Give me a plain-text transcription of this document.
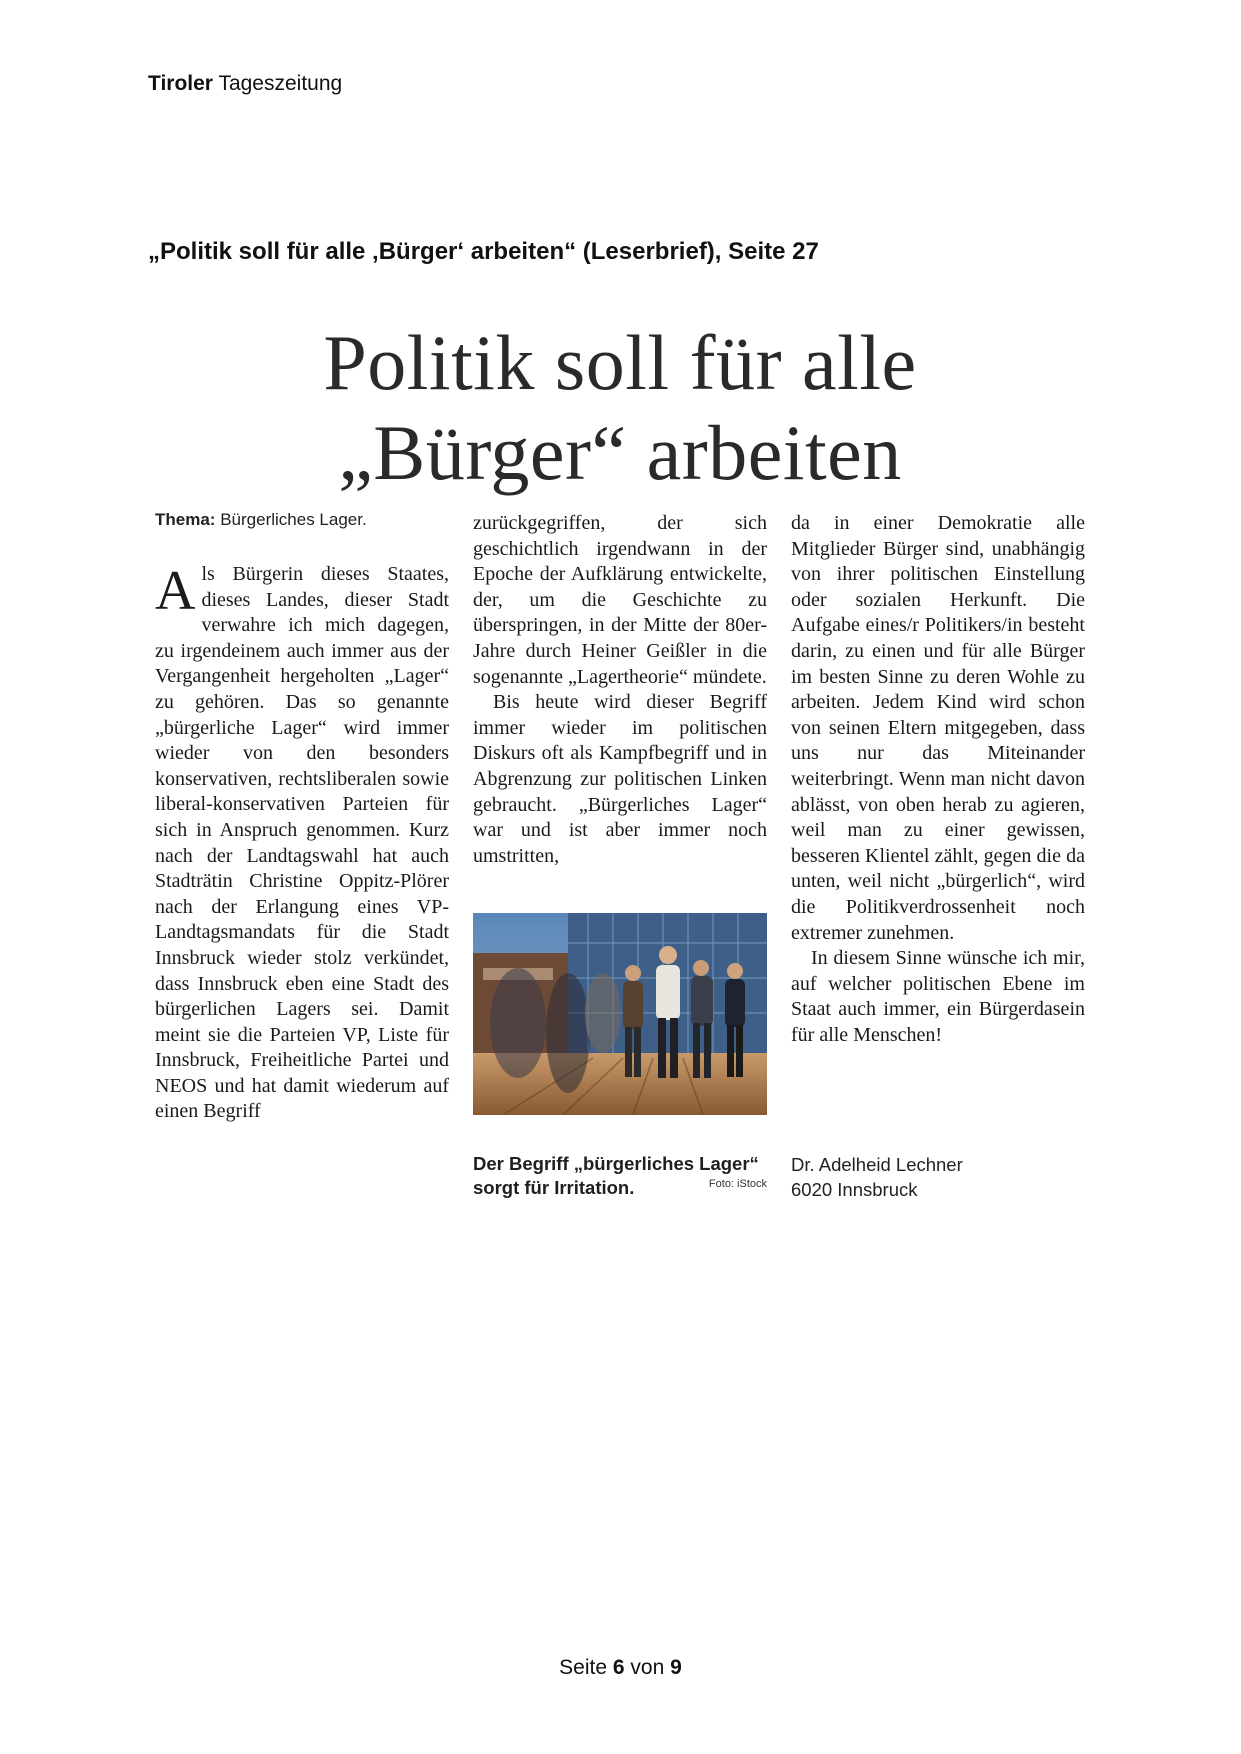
Tiroler Tageszeitung
„Politik soll für alle ‚Bürger‘ arbeiten“ (Leserbrief), Seite 27
Politik soll für alle
„Bürger“ arbeiten
Thema: Bürgerliches Lager.

Als Bürgerin dieses Staates, dieses Landes, dieser Stadt verwahre ich mich dagegen, zu irgendeinem auch immer aus der Vergangenheit hergeholten „Lager“ zu gehören. Das so genannte „bürgerliche Lager“ wird immer wieder von den besonders konservativen, rechtsliberalen sowie liberal-konservativen Parteien für sich in Anspruch genommen. Kurz nach der Landtagswahl hat auch Stadträtin Christine Oppitz-Plörer nach der Erlangung eines VP-Landtagsmandats für die Stadt Innsbruck wieder stolz verkündet, dass Innsbruck eben eine Stadt des bürgerlichen Lagers sei. Damit meint sie die Parteien VP, Liste für Innsbruck, Freiheitliche Partei und NEOS und hat damit wiederum auf einen Begriff

zurückgegriffen, der sich geschichtlich irgendwann in der Epoche der Aufklärung entwickelte, der, um die Geschichte zu überspringen, in der Mitte der 80er-Jahre durch Heiner Geißler in die sogenannte „Lagertheorie“ mündete.

Bis heute wird dieser Begriff immer wieder im politischen Diskurs oft als Kampfbegriff und in Abgrenzung zur politischen Linken gebraucht. „Bürgerliches Lager“ war und ist aber immer noch umstritten,

Der Begriff „bürgerliches Lager“ sorgt für Irritation.	Foto: iStock

da in einer Demokratie alle Mitglieder Bürger sind, unabhängig von ihrer politischen Einstellung oder sozialen Herkunft. Die Aufgabe eines/r Politikers/in besteht darin, zu einen und für alle Bürger im besten Sinne zu deren Wohle zu arbeiten. Jedem Kind wird schon von seinen Eltern mitgegeben, dass uns nur das Miteinander weiterbringt. Wenn man nicht davon ablässt, von oben herab zu agieren, weil man zu einer gewissen, besseren Klientel zählt, gegen die da unten, weil nicht „bürgerlich“, wird die Politikverdrossenheit noch extremer zunehmen.

In diesem Sinne wünsche ich mir, auf welcher politischen Ebene im Staat auch immer, ein Bürgerdasein für alle Menschen!

Dr. Adelheid Lechner
6020 Innsbruck
Seite 6 von 9
